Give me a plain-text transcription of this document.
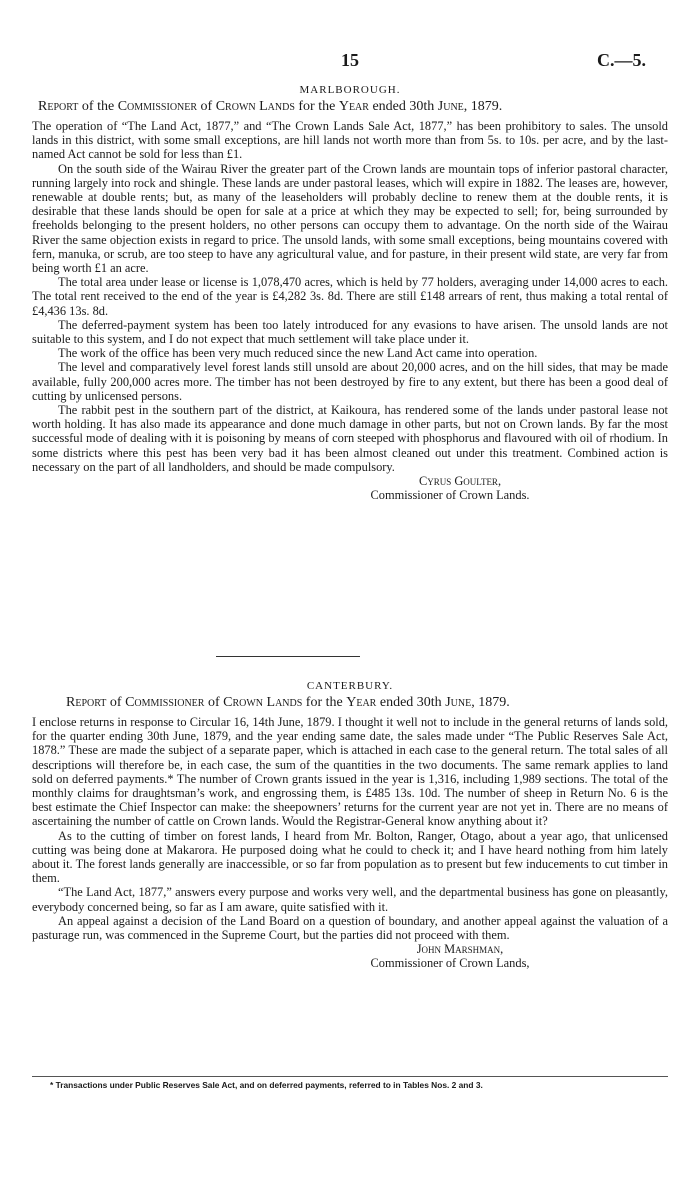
15	C.—5.

MARLBOROUGH.

Report of the Commissioner of Crown Lands for the Year ended 30th June, 1879.

The operation of “The Land Act, 1877,” and “The Crown Lands Sale Act, 1877,” has been prohibitory to sales. The unsold lands in this district, with some small exceptions, are hill lands not worth more than from 5s. to 10s. per acre, and by the last-named Act cannot be sold for less than £1.

On the south side of the Wairau River the greater part of the Crown lands are mountain tops of inferior pastoral character, running largely into rock and shingle. These lands are under pastoral leases, which will expire in 1882. The leases are, however, renewable at double rents; but, as many of the leaseholders will probably decline to renew them at the double rents, it is desirable that these lands should be open for sale at a price at which they may be expected to sell; for, being surrounded by freeholds belonging to the present holders, no other persons can occupy them to advantage. On the north side of the Wairau River the same objection exists in regard to price. The unsold lands, with some small exceptions, being mountains covered with fern, manuka, or scrub, are too steep to have any agricultural value, and for pasture, in their present wild state, are very far from being worth £1 an acre.

The total area under lease or license is 1,078,470 acres, which is held by 77 holders, averaging under 14,000 acres to each. The total rent received to the end of the year is £4,282 3s. 8d. There are still £148 arrears of rent, thus making a total rental of £4,436 13s. 8d.

The deferred-payment system has been too lately introduced for any evasions to have arisen. The unsold lands are not suitable to this system, and I do not expect that much settlement will take place under it.

The work of the office has been very much reduced since the new Land Act came into operation.

The level and comparatively level forest lands still unsold are about 20,000 acres, and on the hill sides, that may be made available, fully 200,000 acres more. The timber has not been destroyed by fire to any extent, but there has been a good deal of cutting by unlicensed persons.

The rabbit pest in the southern part of the district, at Kaikoura, has rendered some of the lands under pastoral lease not worth holding. It has also made its appearance and done much damage in other parts, but not on Crown lands. By far the most successful mode of dealing with it is poisoning by means of corn steeped with phosphorus and flavoured with oil of rhodium. In some districts where this pest has been very bad it has been almost cleaned out under this treatment. Combined action is necessary on the part of all landholders, and should be made compulsory.

Cyrus Goulter,
Commissioner of Crown Lands.

CANTERBURY.

Report of Commissioner of Crown Lands for the Year ended 30th June, 1879.

I enclose returns in response to Circular 16, 14th June, 1879. I thought it well not to include in the general returns of lands sold, for the quarter ending 30th June, 1879, and the year ending same date, the sales made under “The Public Reserves Sale Act, 1878.” These are made the subject of a separate paper, which is attached in each case to the general return. The total sales of all descriptions will therefore be, in each case, the sum of the quantities in the two documents. The same remark applies to land sold on deferred payments.* The number of Crown grants issued in the year is 1,316, including 1,989 sections. The total of the monthly claims for draughtsman’s work, and engrossing them, is £485 13s. 10d. The number of sheep in Return No. 6 is the best estimate the Chief Inspector can make: the sheepowners’ returns for the current year are not yet in. There are no means of ascertaining the number of cattle on Crown lands. Would the Registrar-General know anything about it?

As to the cutting of timber on forest lands, I heard from Mr. Bolton, Ranger, Otago, about a year ago, that unlicensed cutting was being done at Makarora. He purposed doing what he could to check it; and I have heard nothing from him lately about it. The forest lands generally are inaccessible, or so far from population as to present but few inducements to cut timber in them.

“The Land Act, 1877,” answers every purpose and works very well, and the departmental business has gone on pleasantly, everybody concerned being, so far as I am aware, quite satisfied with it.

An appeal against a decision of the Land Board on a question of boundary, and another appeal against the valuation of a pasturage run, was commenced in the Supreme Court, but the parties did not proceed with them.

John Marshman,
Commissioner of Crown Lands,

* Transactions under Public Reserves Sale Act, and on deferred payments, referred to in Tables Nos. 2 and 3.
